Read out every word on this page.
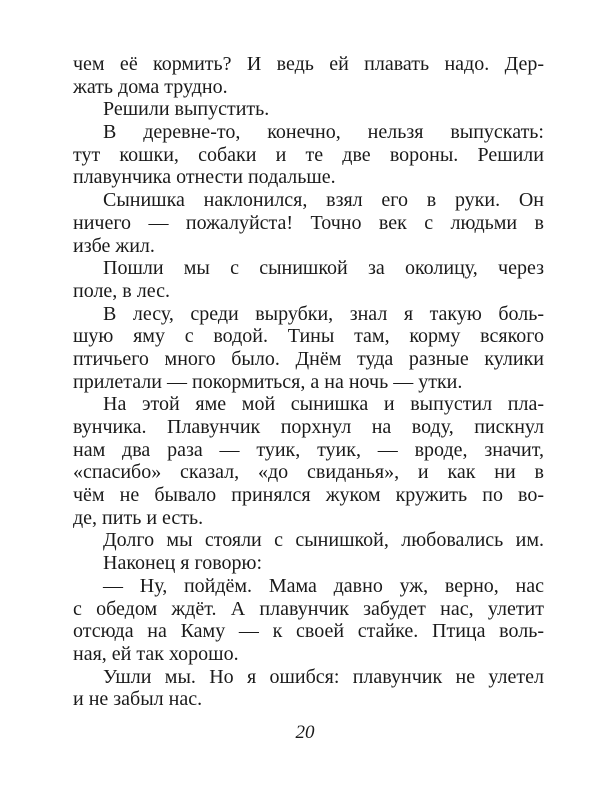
чем её кормить? И ведь ей плавать надо. Дер-
жать дома трудно.
Решили выпустить.
В деревне-то, конечно, нельзя выпускать:
тут кошки, собаки и те две вороны. Решили
плавунчика отнести подальше.
Сынишка наклонился, взял его в руки. Он
ничего — пожалуйста! Точно век с людьми в
избе жил.
Пошли мы с сынишкой за околицу, через
поле, в лес.
В лесу, среди вырубки, знал я такую боль-
шую яму с водой. Тины там, корму всякого
птичьего много было. Днём туда разные кулики
прилетали — покормиться, а на ночь — утки.
На этой яме мой сынишка и выпустил пла-
вунчика. Плавунчик порхнул на воду, пискнул
нам два раза — туик, туик, — вроде, значит,
«спасибо» сказал, «до свиданья», и как ни в
чём не бывало принялся жуком кружить по во-
де, пить и есть.
Долго мы стояли с сынишкой, любовались им.
Наконец я говорю:
— Ну, пойдём. Мама давно уж, верно, нас
с обедом ждёт. А плавунчик забудет нас, улетит
отсюда на Каму — к своей стайке. Птица воль-
ная, ей так хорошо.
Ушли мы. Но я ошибся: плавунчик не улетел
и не забыл нас.
20
